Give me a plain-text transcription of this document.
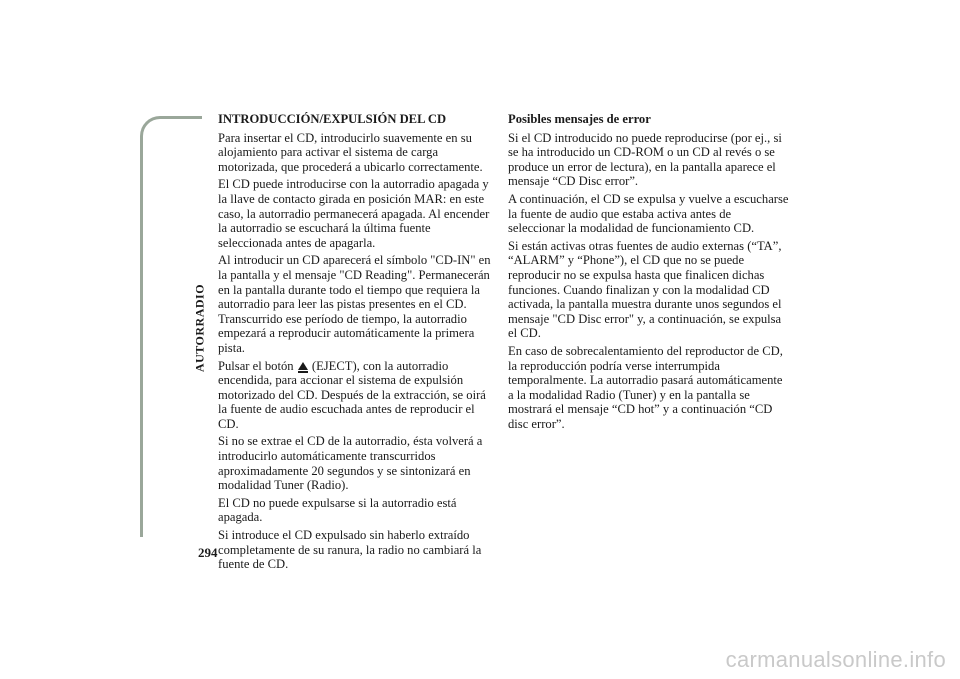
AUTORRADIO
294
INTRODUCCIÓN/EXPULSIÓN DEL CD

Para insertar el CD, introducirlo suavemente en su alojamiento para activar el sistema de carga motorizada, que procederá a ubicarlo correctamente.

El CD puede introducirse con la autorradio apagada y la llave de contacto girada en posición MAR: en este caso, la autorradio permanecerá apagada. Al encender la autorradio se escuchará la última fuente seleccionada antes de apagarla.

Al introducir un CD aparecerá el símbolo "CD-IN" en la pantalla y el mensaje "CD Reading". Permanecerán en la pantalla durante todo el tiempo que requiera la autorradio para leer las pistas presentes en el CD. Transcurrido ese período de tiempo, la autorradio empezará a reproducir automáticamente la primera pista.

Pulsar el botón (EJECT), con la autorradio encendida, para accionar el sistema de expulsión motorizado del CD. Después de la extracción, se oirá la fuente de audio escuchada antes de reproducir el CD.

Si no se extrae el CD de la autorradio, ésta volverá a introducirlo automáticamente transcurridos aproximadamente 20 segundos y se sintonizará en modalidad Tuner (Radio).

El CD no puede expulsarse si la autorradio está apagada.

Si introduce el CD expulsado sin haberlo extraído completamente de su ranura, la radio no cambiará la fuente de CD.

Posibles mensajes de error

Si el CD introducido no puede reproducirse (por ej., si se ha introducido un CD-ROM o un CD al revés o se produce un error de lectura), en la pantalla aparece el mensaje “CD Disc error”.

A continuación, el CD se expulsa y vuelve a escucharse la fuente de audio que estaba activa antes de seleccionar la modalidad de funcionamiento CD.

Si están activas otras fuentes de audio externas (“TA”, “ALARM” y “Phone”), el CD que no se puede reproducir no se expulsa hasta que finalicen dichas funciones. Cuando finalizan y con la modalidad CD activada, la pantalla muestra durante unos segundos el mensaje "CD Disc error" y, a continuación, se expulsa el CD.

En caso de sobrecalentamiento del reproductor de CD, la reproducción podría verse interrumpida temporalmente. La autorradio pasará automáticamente a la modalidad Radio (Tuner) y en la pantalla se mostrará el mensaje “CD hot” y a continuación “CD disc error”.

carmanualsonline.info
